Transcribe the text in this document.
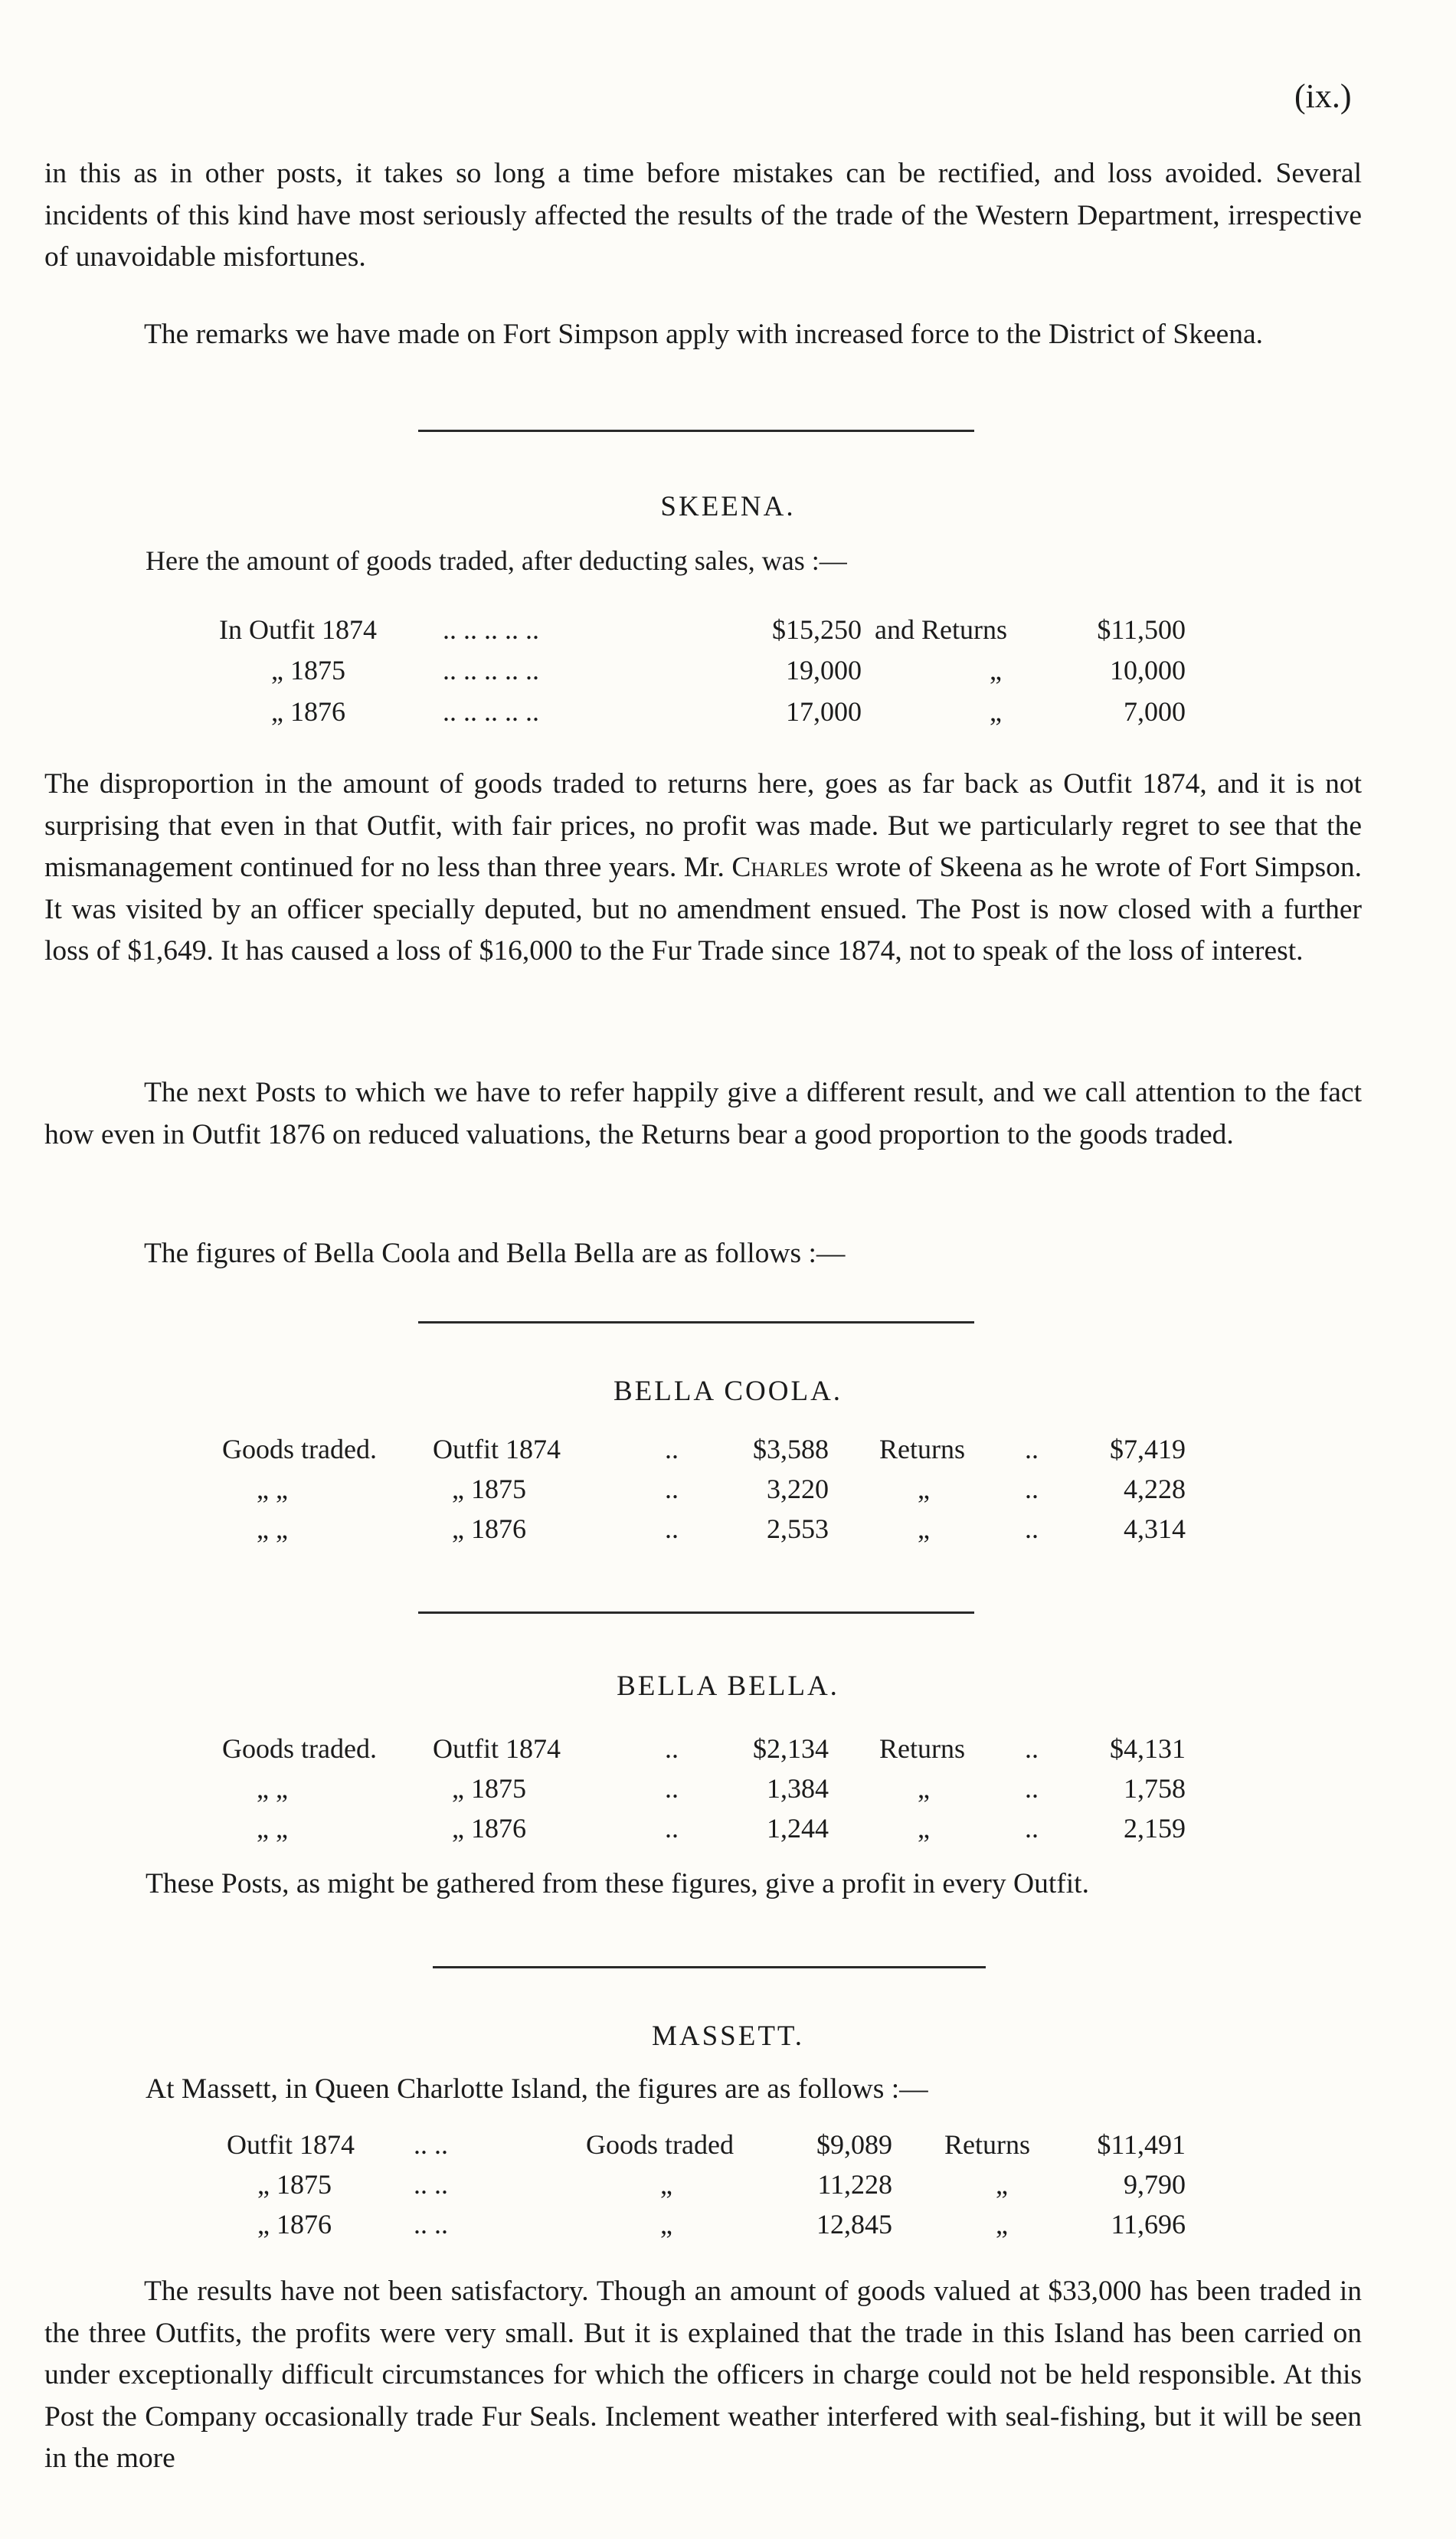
(ix.)

in this as in other posts, it takes so long a time before mistakes can be rectified, and loss avoided. Several incidents of this kind have most seriously affected the results of the trade of the Western Department, irrespective of unavoidable misfortunes.

The remarks we have made on Fort Simpson apply with increased force to the District of Skeena.

SKEENA.
Here the amount of goods traded, after deducting sales, was :—
In Outfit 1874 .. .. .. .. ..	$15,250 and Returns	$11,500
„ 1875	.. .. .. .. ..	19,000	„	10,000
„ 1876	.. .. .. .. ..	17,000	„	7,000

The disproportion in the amount of goods traded to returns here, goes as far back as Outfit 1874, and it is not surprising that even in that Outfit, with fair prices, no profit was made. But we particularly regret to see that the mismanagement continued for no less than three years. Mr. Charles wrote of Skeena as he wrote of Fort Simpson. It was visited by an officer specially deputed, but no amendment ensued. The Post is now closed with a further loss of $1,649. It has caused a loss of $16,000 to the Fur Trade since 1874, not to speak of the loss of interest.

The next Posts to which we have to refer happily give a different result, and we call attention to the fact how even in Outfit 1876 on reduced valuations, the Returns bear a good proportion to the goods traded.

The figures of Bella Coola and Bella Bella are as follows :—

BELLA COOLA.
Goods traded. Outfit 1874	..	$3,588 Returns ..	$7,419
„ „	„ 1875	..	3,220	„	..	4,228
„ „	„ 1876	..	2,553	„	..	4,314
BELLA BELLA.
Goods traded. Outfit 1874	..	$2,134 Returns ..	$4,131
„ „	„ 1875	..	1,384	„	..	1,758
„ „	„ 1876	..	1,244	„	..	2,159
These Posts, as might be gathered from these figures, give a profit in every Outfit.
MASSETT.
At Massett, in Queen Charlotte Island, the figures are as follows :—
Outfit 1874 .. ..	Goods traded	$9,089 Returns	$11,491
„ 1875	.. ..	„	11,228	„	9,790
„ 1876	.. ..	„	12,845	„	11,696

The results have not been satisfactory. Though an amount of goods valued at $33,000 has been traded in the three Outfits, the profits were very small. But it is explained that the trade in this Island has been carried on under exceptionally difficult circumstances for which the officers in charge could not be held responsible. At this Post the Company occasionally trade Fur Seals. Inclement weather interfered with seal-fishing, but it will be seen in the more
